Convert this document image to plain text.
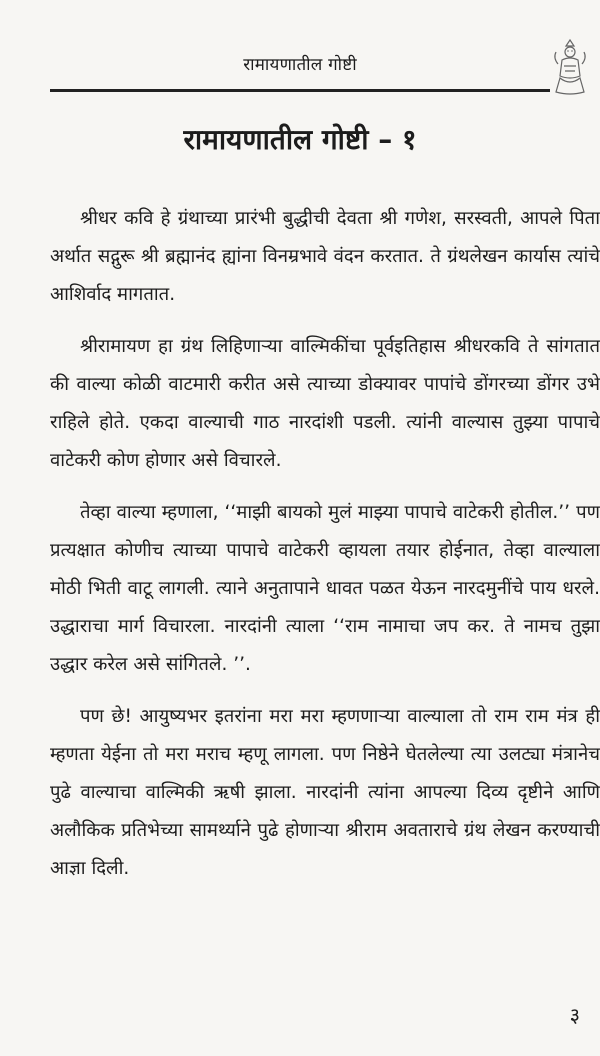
रामायणातील गोष्टी
रामायणातील गोष्टी – १

श्रीधर कवि हे ग्रंथाच्या प्रारंभी बुद्धीची देवता श्री गणेश, सरस्वती, आपले पिता अर्थात सद्गुरू श्री ब्रह्मानंद ह्यांना विनम्रभावे वंदन करतात. ते ग्रंथलेखन कार्यास त्यांचे आशिर्वाद मागतात.

श्रीरामायण हा ग्रंथ लिहिणाऱ्या वाल्मिकींचा पूर्वइतिहास श्रीधरकवि ते सांगतात की वाल्या कोळी वाटमारी करीत असे त्याच्या डोक्यावर पापांचे डोंगरच्या डोंगर उभे राहिले होते. एकदा वाल्याची गाठ नारदांशी पडली. त्यांनी वाल्यास तुझ्या पापाचे वाटेकरी कोण होणार असे विचारले.

तेव्हा वाल्या म्हणाला, ‘‘माझी बायको मुलं माझ्या पापाचे वाटेकरी होतील.’’ पण प्रत्यक्षात कोणीच त्याच्या पापाचे वाटेकरी व्हायला तयार होईनात, तेव्हा वाल्याला मोठी भिती वाटू लागली. त्याने अनुतापाने धावत पळत येऊन नारदमुनींचे पाय धरले. उद्धाराचा मार्ग विचारला. नारदांनी त्याला ‘‘राम नामाचा जप कर. ते नामच तुझा उद्धार करेल असे सांगितले. ’’.

पण छे! आयुष्यभर इतरांना मरा मरा म्हणणाऱ्या वाल्याला तो राम राम मंत्र ही म्हणता येईना तो मरा मराच म्हणू लागला. पण निष्ठेने घेतलेल्या त्या उलट्या मंत्रानेच पुढे वाल्याचा वाल्मिकी ऋषी झाला. नारदांनी त्यांना आपल्या दिव्य दृष्टीने आणि अलौकिक प्रतिभेच्या सामर्थ्याने पुढे होणाऱ्या श्रीराम अवताराचे ग्रंथ लेखन करण्याची आज्ञा दिली.

३
